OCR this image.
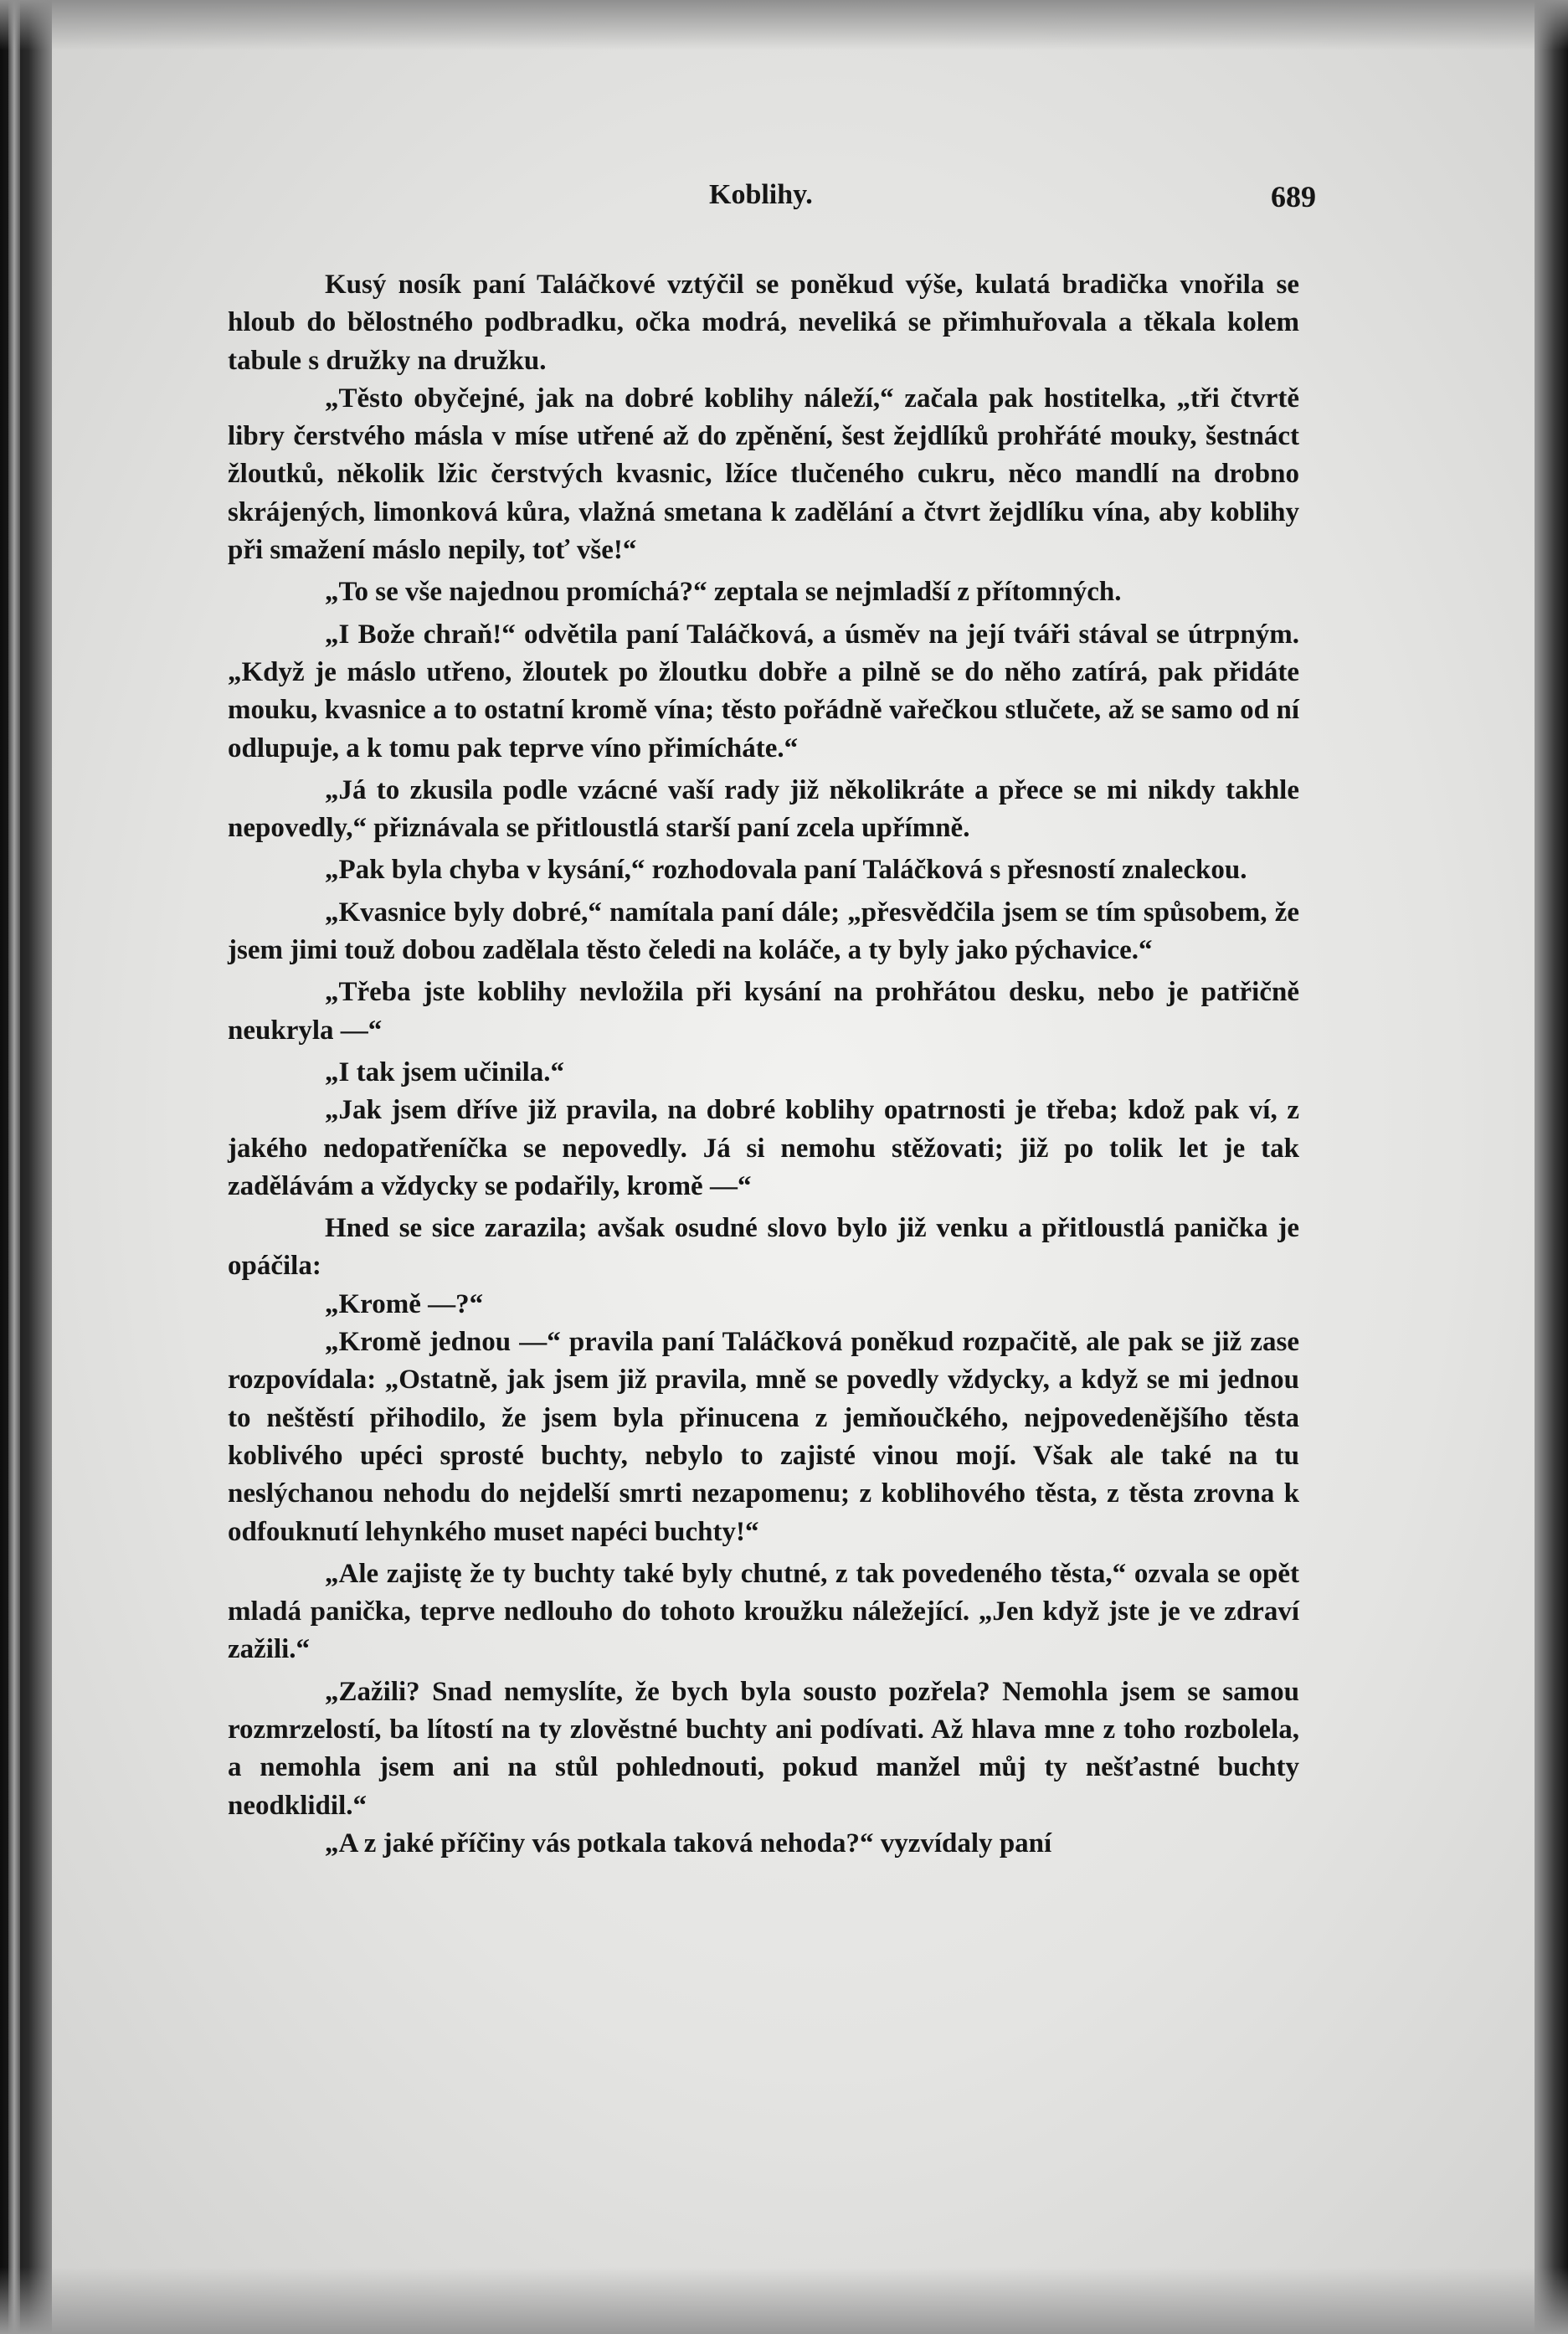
Koblihy.	689

Kusý nosík paní Taláčkové vztýčil se poněkud výše, kulatá bradička vnořila se hloub do bělostného podbradku, očka modrá, neveliká se přimhuřovala a těkala kolem tabule s družky na družku.

„Těsto obyčejné, jak na dobré koblihy náleží,“ začala pak hostitelka, „tři čtvrtě libry čerstvého másla v míse utřené až do zpěnění, šest žejdlíků prohřáté mouky, šestnáct žloutků, několik lžic čerstvých kvasnic, lžíce tlučeného cukru, něco mandlí na drobno skrájených, limonková kůra, vlažná smetana k zadělání a čtvrt žejdlíku vína, aby koblihy při smažení máslo nepily, toť vše!“

„To se vše najednou promíchá?“ zeptala se nejmladší z přítomných.

„I Bože chraň!“ odvětila paní Taláčková, a úsměv na její tváři stával se útrpným. „Když je máslo utřeno, žloutek po žloutku dobře a pilně se do něho zatírá, pak přidáte mouku, kvasnice a to ostatní kromě vína; těsto pořádně vařečkou stlučete, až se samo od ní odlupuje, a k tomu pak teprve víno přimícháte.“

„Já to zkusila podle vzácné vaší rady již několikráte a přece se mi nikdy takhle nepovedly,“ přiznávala se přitloustlá starší paní zcela upřímně.

„Pak byla chyba v kysání,“ rozhodovala paní Taláčková s přesností znaleckou.

„Kvasnice byly dobré,“ namítala paní dále; „přesvědčila jsem se tím spůsobem, že jsem jimi touž dobou zadělala těsto čeledi na koláče, a ty byly jako pýchavice.“

„Třeba jste koblihy nevložila při kysání na prohřátou desku, nebo je patřičně neukryla —“

„I tak jsem učinila.“

„Jak jsem dříve již pravila, na dobré koblihy opatrnosti je třeba; kdož pak ví, z jakého nedopatřeníčka se nepovedly. Já si nemohu stěžovati; již po tolik let je tak zadělávám a vždycky se podařily, kromě —“

Hned se sice zarazila; avšak osudné slovo bylo již venku a přitloustlá panička je opáčila:

„Kromě —?“

„Kromě jednou —“ pravila paní Taláčková poněkud rozpačitě, ale pak se již zase rozpovídala: „Ostatně, jak jsem již pravila, mně se povedly vždycky, a když se mi jednou to neštěstí přihodilo, že jsem byla přinucena z jemňoučkého, nejpovedenějšího těsta koblivého upéci sprosté buchty, nebylo to zajisté vinou mojí. Však ale také na tu neslýchanou nehodu do nejdelší smrti nezapomenu; z koblihového těsta, z těsta zrovna k odfouknutí lehynkého muset napéci buchty!“

„Ale zajistę že ty buchty také byly chutné, z tak povedeného těsta,“ ozvala se opět mladá panička, teprve nedlouho do tohoto kroužku náležející. „Jen když jste je ve zdraví zažili.“

„Zažili? Snad nemyslíte, že bych byla sousto pozřela? Nemohla jsem se samou rozmrzelostí, ba lítostí na ty zlověstné buchty ani podívati. Až hlava mne z toho rozbolela, a nemohla jsem ani na stůl pohlednouti, pokud manžel můj ty nešťastné buchty neodklidil.“

„A z jaké příčiny vás potkala taková nehoda?“ vyzvídaly paní
